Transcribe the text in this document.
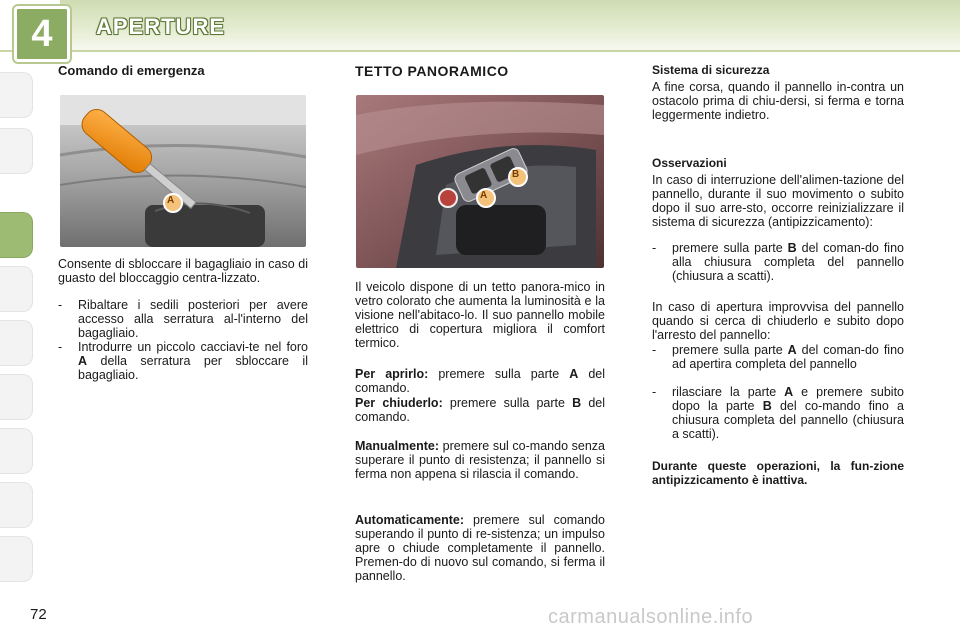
4	APERTURE
Comando di emergenza
A
Consente di sbloccare il bagagliaio in caso di guasto del bloccaggio centra-lizzato.
- Ribaltare i sedili posteriori per avere accesso alla serratura al-l'interno del bagagliaio.
- Introdurre un piccolo cacciavi-te nel foro A della serratura per sbloccare il bagagliaio.
TETTO PANORAMICO
A
B
Il veicolo dispone di un tetto panora-mico in vetro colorato che aumenta la luminosità e la visione nell'abitaco-lo. Il suo pannello mobile elettrico di copertura migliora il comfort termico.
Per aprirlo: premere sulla parte A del comando.
Per chiuderlo: premere sulla parte B del comando.
Manualmente: premere sul co-mando senza superare il punto di resistenza; il pannello si ferma non appena si rilascia il comando.
Automaticamente: premere sul comando superando il punto di re-sistenza; un impulso apre o chiude completamente il pannello. Premen-do di nuovo sul comando, si ferma il pannello.
Sistema di sicurezza
A fine corsa, quando il pannello in-contra un ostacolo prima di chiu-dersi, si ferma e torna leggermente indietro.
Osservazioni
In caso di interruzione dell'alimen-tazione del pannello, durante il suo movimento o subito dopo il suo arre-sto, occorre reinizializzare il sistema di sicurezza (antipizzicamento):
- premere sulla parte B del coman-do fino alla chiusura completa del pannello (chiusura a scatti).
In caso di apertura improvvisa del pannello quando si cerca di chiuderlo e subito dopo l'arresto del pannello:
- premere sulla parte A del coman-do fino ad apertira completa del pannello
- rilasciare la parte A e premere subito dopo la parte B del co-mando fino a chiusura completa del pannello (chiusura a scatti).
Durante queste operazioni, la fun-zione antipizzicamento è inattiva.
72	carmanualsonline.info
